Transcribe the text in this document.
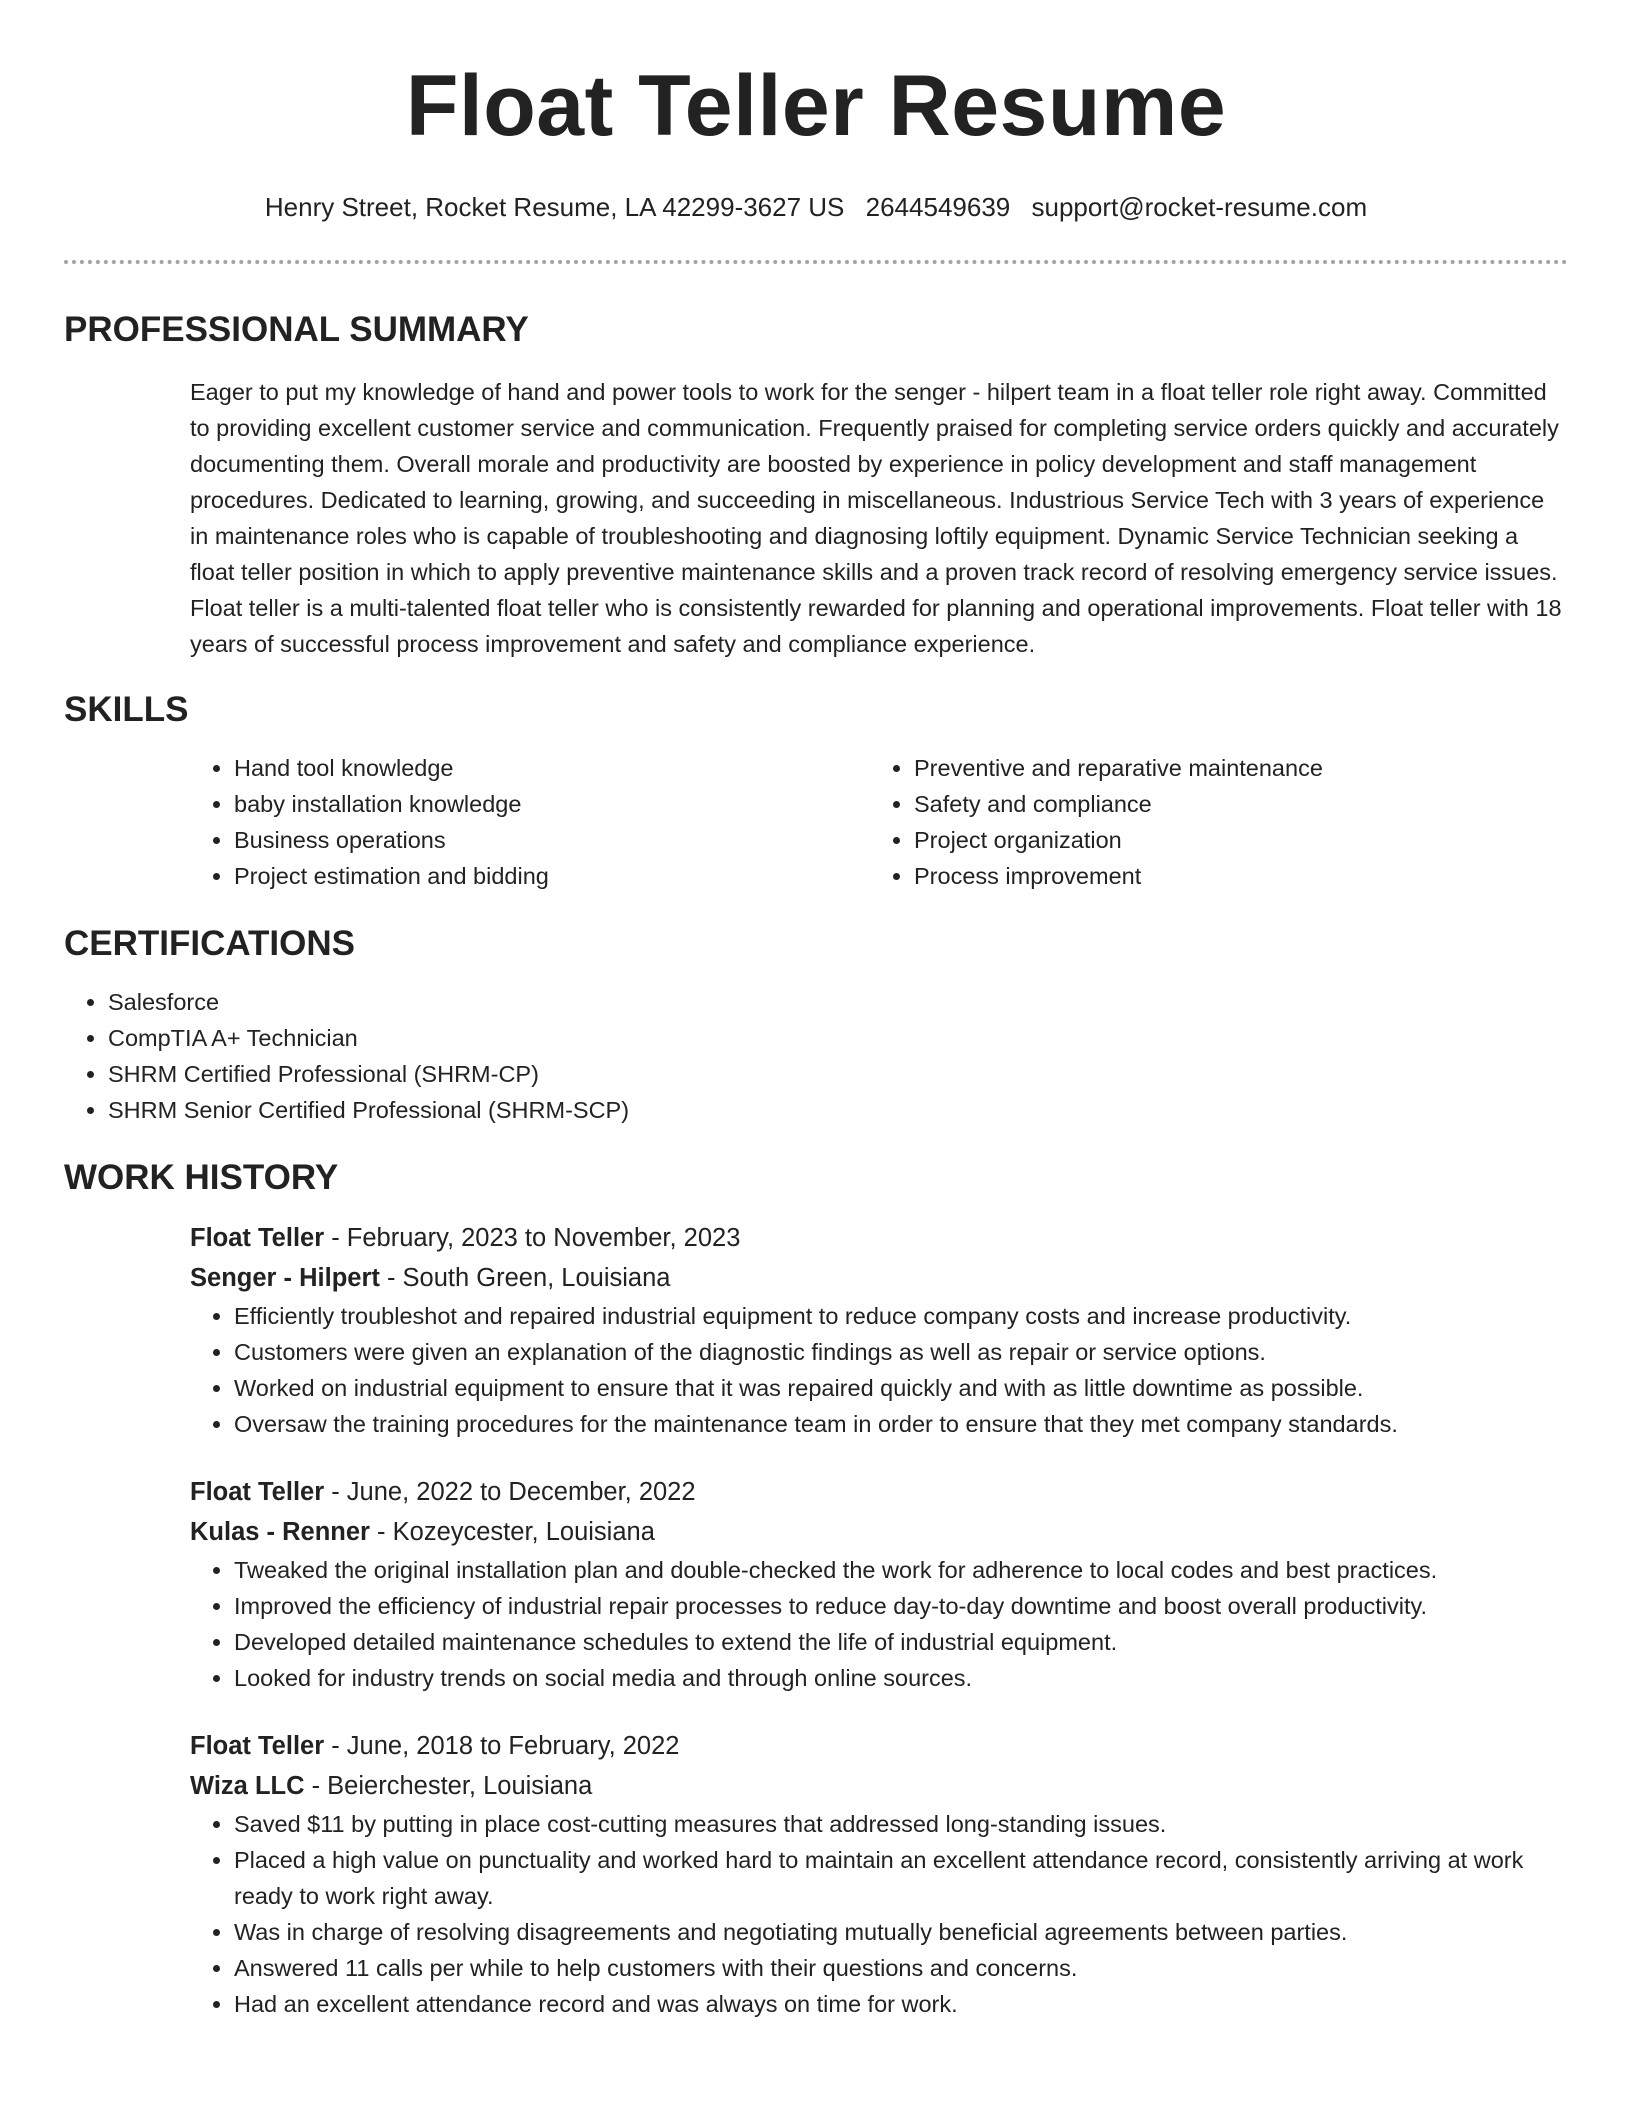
Float Teller Resume
Henry Street, Rocket Resume, LA 42299-3627 US 2644549639 support@rocket-resume.com
PROFESSIONAL SUMMARY
Eager to put my knowledge of hand and power tools to work for the senger - hilpert team in a float teller role right away. Committed to providing excellent customer service and communication. Frequently praised for completing service orders quickly and accurately documenting them. Overall morale and productivity are boosted by experience in policy development and staff management procedures. Dedicated to learning, growing, and succeeding in miscellaneous. Industrious Service Tech with 3 years of experience in maintenance roles who is capable of troubleshooting and diagnosing loftily equipment. Dynamic Service Technician seeking a float teller position in which to apply preventive maintenance skills and a proven track record of resolving emergency service issues. Float teller is a multi-talented float teller who is consistently rewarded for planning and operational improvements. Float teller with 18 years of successful process improvement and safety and compliance experience.
SKILLS
• Hand tool knowledge
• baby installation knowledge
• Business operations
• Project estimation and bidding
• Preventive and reparative maintenance
• Safety and compliance
• Project organization
• Process improvement
CERTIFICATIONS
• Salesforce
• CompTIA A+ Technician
• SHRM Certified Professional (SHRM-CP)
• SHRM Senior Certified Professional (SHRM-SCP)
WORK HISTORY
Float Teller - February, 2023 to November, 2023
Senger - Hilpert - South Green, Louisiana
• Efficiently troubleshot and repaired industrial equipment to reduce company costs and increase productivity.
• Customers were given an explanation of the diagnostic findings as well as repair or service options.
• Worked on industrial equipment to ensure that it was repaired quickly and with as little downtime as possible.
• Oversaw the training procedures for the maintenance team in order to ensure that they met company standards.
Float Teller - June, 2022 to December, 2022
Kulas - Renner - Kozeycester, Louisiana
• Tweaked the original installation plan and double-checked the work for adherence to local codes and best practices.
• Improved the efficiency of industrial repair processes to reduce day-to-day downtime and boost overall productivity.
• Developed detailed maintenance schedules to extend the life of industrial equipment.
• Looked for industry trends on social media and through online sources.
Float Teller - June, 2018 to February, 2022
Wiza LLC - Beierchester, Louisiana
• Saved $11 by putting in place cost-cutting measures that addressed long-standing issues.
• Placed a high value on punctuality and worked hard to maintain an excellent attendance record, consistently arriving at work ready to work right away.
• Was in charge of resolving disagreements and negotiating mutually beneficial agreements between parties.
• Answered 11 calls per while to help customers with their questions and concerns.
• Had an excellent attendance record and was always on time for work.
